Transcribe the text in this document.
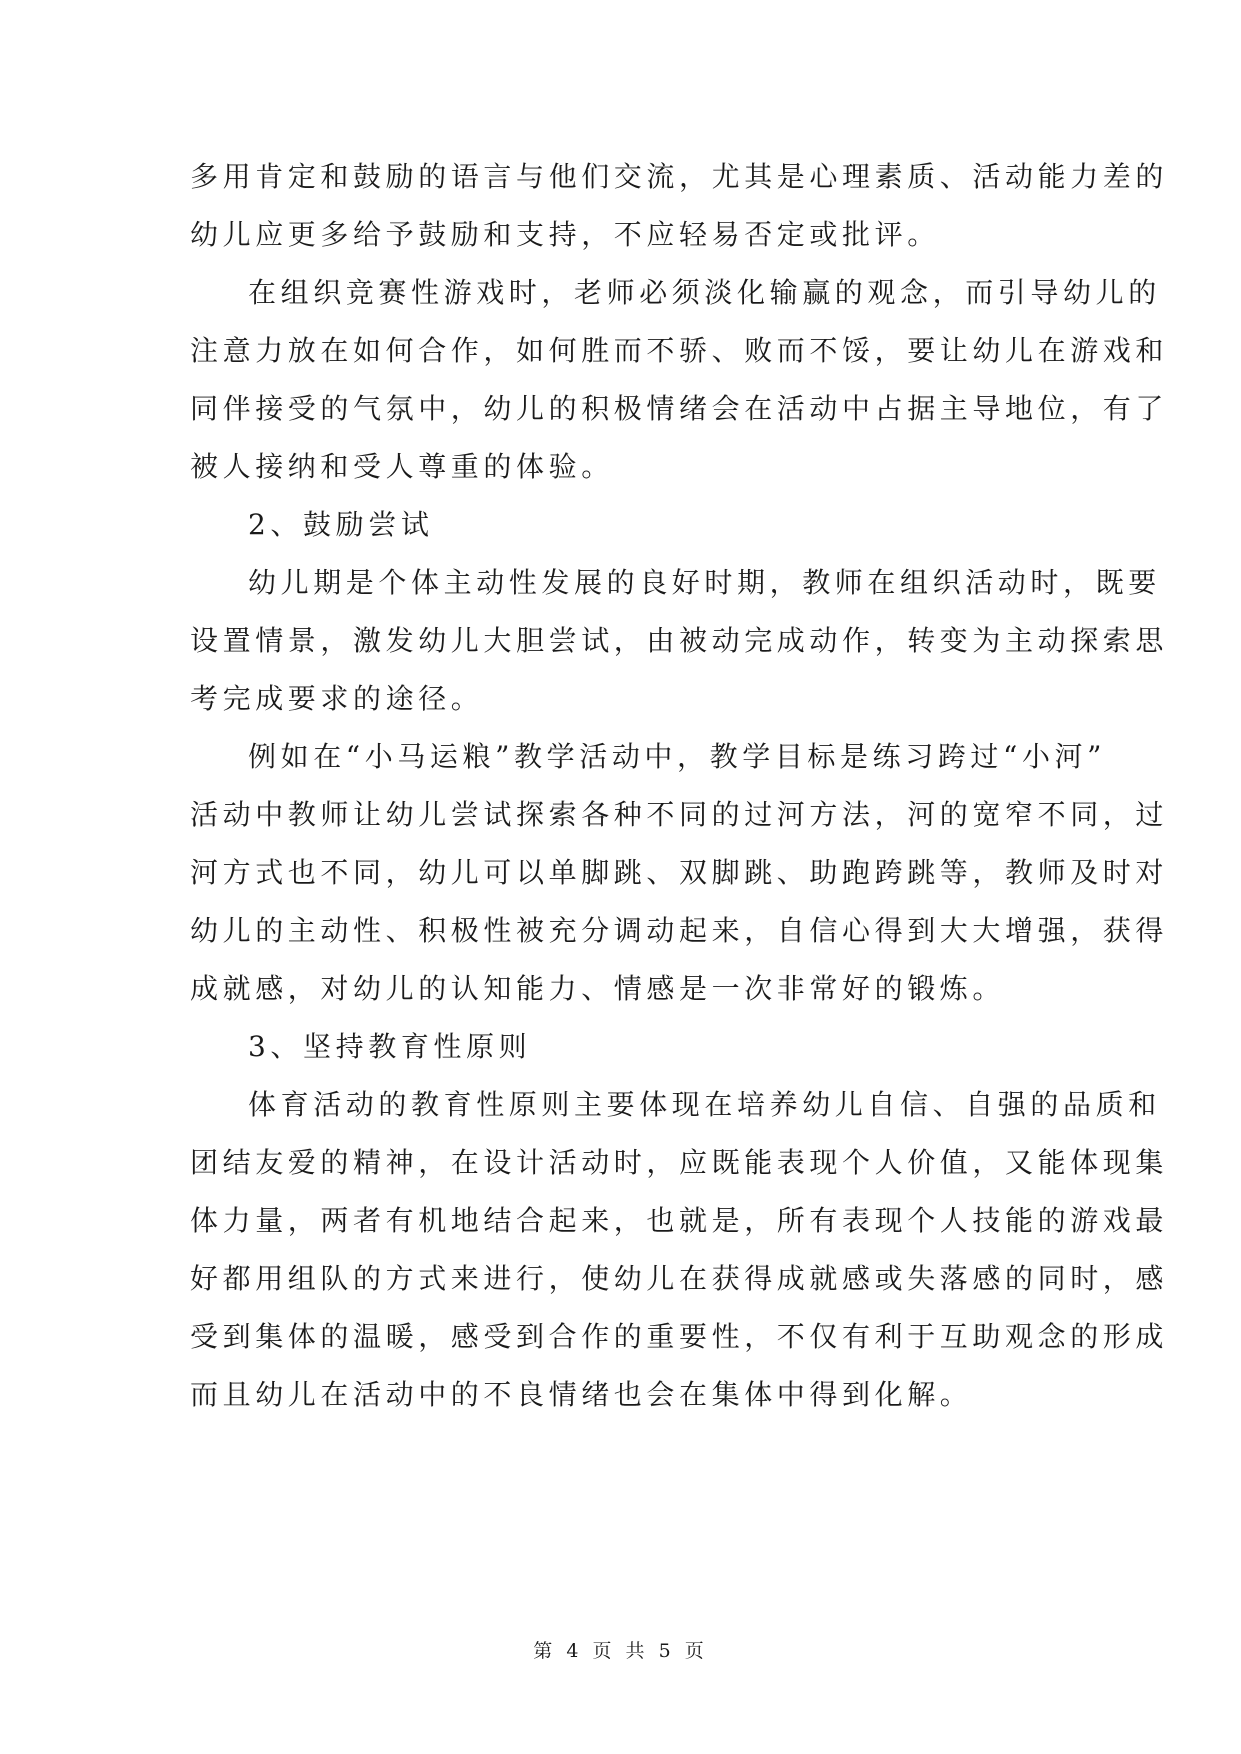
多用肯定和鼓励的语言与他们交流，尤其是心理素质、活动能力差的

幼儿应更多给予鼓励和支持，不应轻易否定或批评。

在组织竞赛性游戏时，老师必须淡化输赢的观念，而引导幼儿的

注意力放在如何合作，如何胜而不骄、败而不馁，要让幼儿在游戏和

同伴接受的气氛中，幼儿的积极情绪会在活动中占据主导地位，有了

被人接纳和受人尊重的体验。

2、鼓励尝试

幼儿期是个体主动性发展的良好时期，教师在组织活动时，既要

设置情景，激发幼儿大胆尝试，由被动完成动作，转变为主动探索思

考完成要求的途径。

例如在“小马运粮”教学活动中，教学目标是练习跨过“小河”

活动中教师让幼儿尝试探索各种不同的过河方法，河的宽窄不同，过

河方式也不同，幼儿可以单脚跳、双脚跳、助跑跨跳等，教师及时对

幼儿的主动性、积极性被充分调动起来，自信心得到大大增强，获得

成就感，对幼儿的认知能力、情感是一次非常好的锻炼。

3、坚持教育性原则

体育活动的教育性原则主要体现在培养幼儿自信、自强的品质和

团结友爱的精神，在设计活动时，应既能表现个人价值，又能体现集

体力量，两者有机地结合起来，也就是，所有表现个人技能的游戏最

好都用组队的方式来进行，使幼儿在获得成就感或失落感的同时，感

受到集体的温暖，感受到合作的重要性，不仅有利于互助观念的形成

而且幼儿在活动中的不良情绪也会在集体中得到化解。

第 4 页 共 5 页
